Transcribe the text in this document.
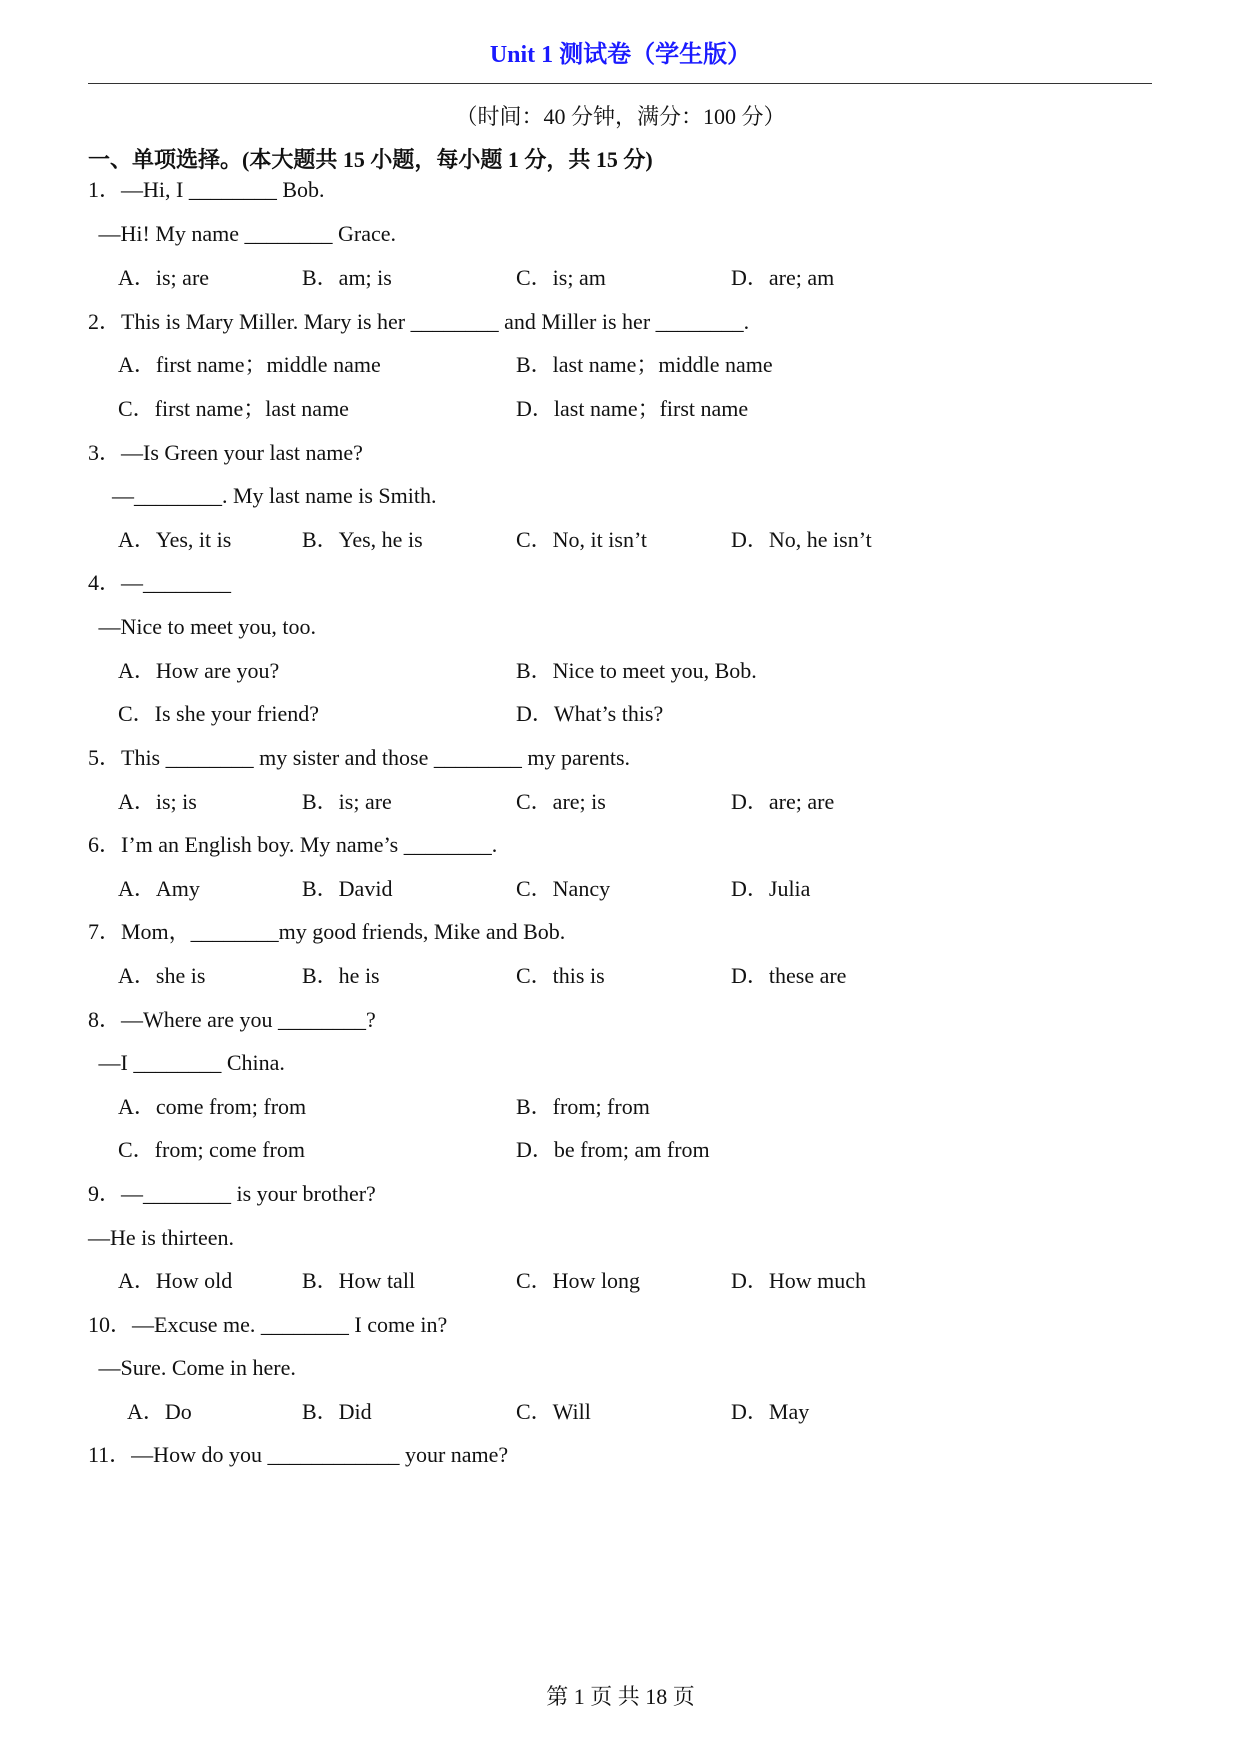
Unit 1 测试卷（学生版）
（时间：40 分钟，满分：100 分）
一、单项选择。(本大题共 15 小题，每小题 1 分，共 15 分)
1．—Hi, I ________ Bob.
—Hi! My name ________ Grace.
A．is; are	B．am; is	C．is; am	D．are; am
2．This is Mary Miller. Mary is her ________ and Miller is her ________.
A．first name；middle name	B．last name；middle name
C．first name；last name	D．last name；first name
3．—Is Green your last name?
—________. My last name is Smith.
A．Yes, it is	B．Yes, he is	C．No, it isn’t	D．No, he isn’t
4．—________
—Nice to meet you, too.
A．How are you?	B．Nice to meet you, Bob.
C．Is she your friend?	D．What’s this?
5．This ________ my sister and those ________ my parents.
A．is; is	B．is; are	C．are; is	D．are; are
6．I’m an English boy. My name’s ________.
A．Amy	B．David	C．Nancy	D．Julia
7．Mom，________my good friends, Mike and Bob.
A．she is	B．he is	C．this is	D．these are
8．—Where are you ________?
—I ________ China.
A．come from; from	B．from; from
C．from; come from	D．be from; am from
9．—________ is your brother?
—He is thirteen.
A．How old	B．How tall	C．How long	D．How much
10．—Excuse me. ________ I come in?
—Sure. Come in here.
A．Do	B．Did	C．Will	D．May
11．—How do you ____________ your name?
第 1 页 共 18 页
